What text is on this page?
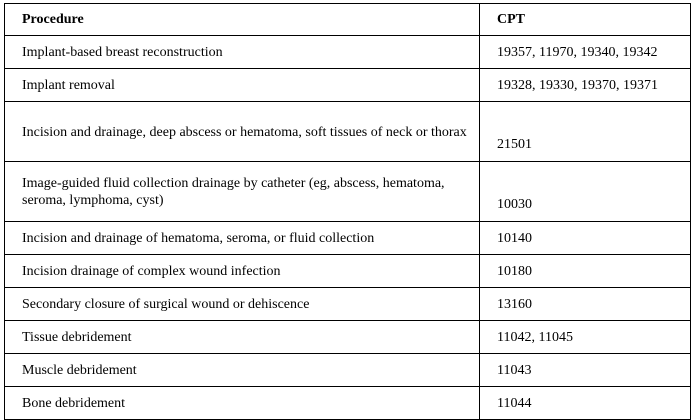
Procedure	CPT
Implant-based breast reconstruction	19357, 11970, 19340, 19342
Implant removal	19328, 19330, 19370, 19371
Incision and drainage, deep abscess or hematoma, soft tissues of neck or thorax	21501
Image-guided fluid collection drainage by catheter (eg, abscess, hematoma, seroma, lymphoma, cyst)	10030
Incision and drainage of hematoma, seroma, or fluid collection	10140
Incision drainage of complex wound infection	10180
Secondary closure of surgical wound or dehiscence	13160
Tissue debridement	11042, 11045
Muscle debridement	11043
Bone debridement	11044
